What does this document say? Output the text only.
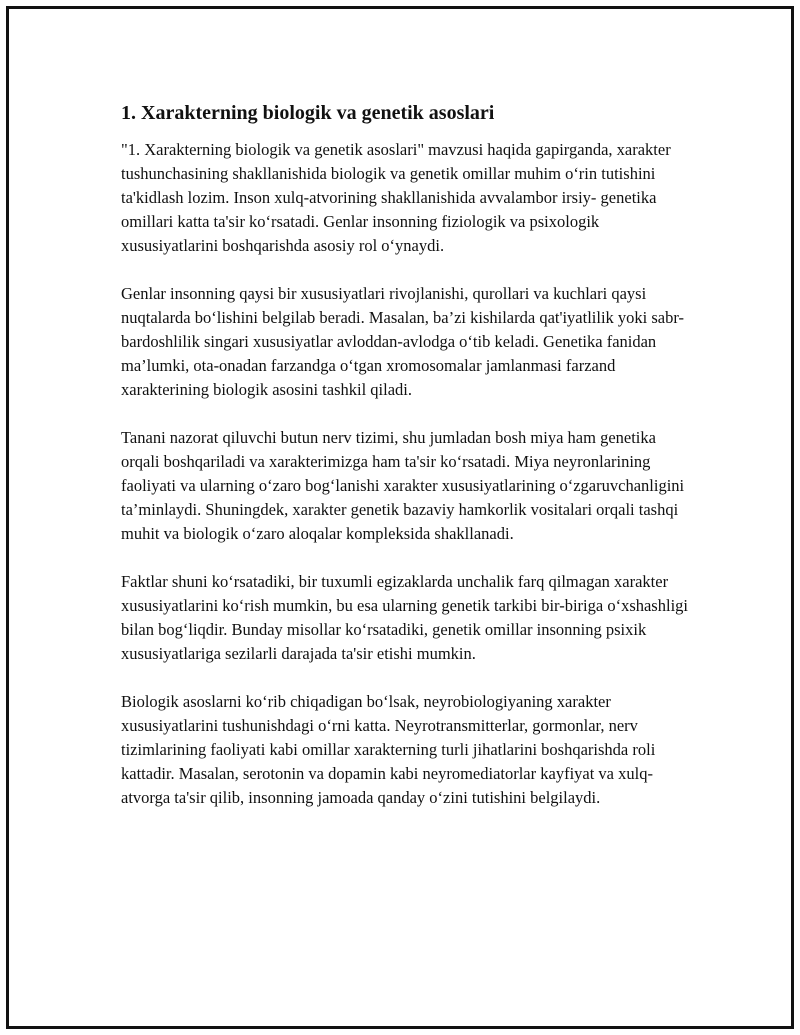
1. Xarakterning biologik va genetik asoslari

"1. Xarakterning biologik va genetik asoslari" mavzusi haqida gapirganda, xarakter tushunchasining shakllanishida biologik va genetik omillar muhim o‘rin tutishini ta'kidlash lozim. Inson xulq-atvorining shakllanishida avvalambor irsiy- genetika omillari katta ta'sir ko‘rsatadi. Genlar insonning fiziologik va psixologik xususiyatlarini boshqarishda asosiy rol o‘ynaydi.

Genlar insonning qaysi bir xususiyatlari rivojlanishi, qurollari va kuchlari qaysi nuqtalarda bo‘lishini belgilab beradi. Masalan, ba’zi kishilarda qat'iyatlilik yoki sabr-bardoshlilik singari xususiyatlar avloddan-avlodga o‘tib keladi. Genetika fanidan ma’lumki, ota-onadan farzandga o‘tgan xromosomalar jamlanmasi farzand xarakterining biologik asosini tashkil qiladi.

Tanani nazorat qiluvchi butun nerv tizimi, shu jumladan bosh miya ham genetika orqali boshqariladi va xarakterimizga ham ta'sir ko‘rsatadi. Miya neyronlarining faoliyati va ularning o‘zaro bog‘lanishi xarakter xususiyatlarining o‘zgaruvchanligini ta’minlaydi. Shuningdek, xarakter genetik bazaviy hamkorlik vositalari orqali tashqi muhit va biologik o‘zaro aloqalar kompleksida shakllanadi.

Faktlar shuni ko‘rsatadiki, bir tuxumli egizaklarda unchalik farq qilmagan xarakter xususiyatlarini ko‘rish mumkin, bu esa ularning genetik tarkibi bir-biriga o‘xshashligi bilan bog‘liqdir. Bunday misollar ko‘rsatadiki, genetik omillar insonning psixik xususiyatlariga sezilarli darajada ta'sir etishi mumkin.

Biologik asoslarni ko‘rib chiqadigan bo‘lsak, neyrobiologiyaning xarakter xususiyatlarini tushunishdagi o‘rni katta. Neyrotransmitterlar, gormonlar, nerv tizimlarining faoliyati kabi omillar xarakterning turli jihatlarini boshqarishda roli kattadir. Masalan, serotonin va dopamin kabi neyromediatorlar kayfiyat va xulq-atvorga ta'sir qilib, insonning jamoada qanday o‘zini tutishini belgilaydi.
